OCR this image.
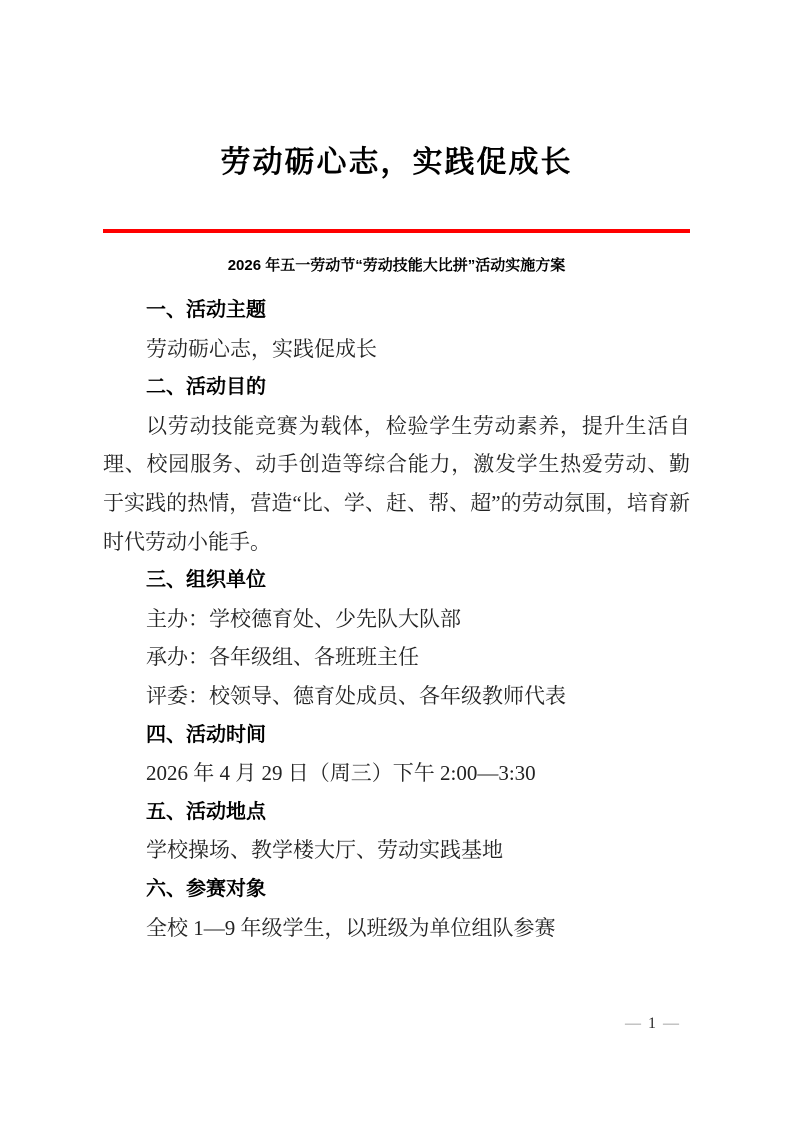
劳动砺心志，实践促成长
2026 年五一劳动节“劳动技能大比拼”活动实施方案

一、活动主题

劳动砺心志，实践促成长

二、活动目的

以劳动技能竞赛为载体，检验学生劳动素养，提升生活自理、校园服务、动手创造等综合能力，激发学生热爱劳动、勤于实践的热情，营造“比、学、赶、帮、超”的劳动氛围，培育新时代劳动小能手。

三、组织单位

主办：学校德育处、少先队大队部

承办：各年级组、各班班主任

评委：校领导、德育处成员、各年级教师代表

四、活动时间

2026 年 4 月 29 日（周三）下午 2:00—3:30

五、活动地点

学校操场、教学楼大厅、劳动实践基地

六、参赛对象

全校 1—9 年级学生，以班级为单位组队参赛

— 1 —
